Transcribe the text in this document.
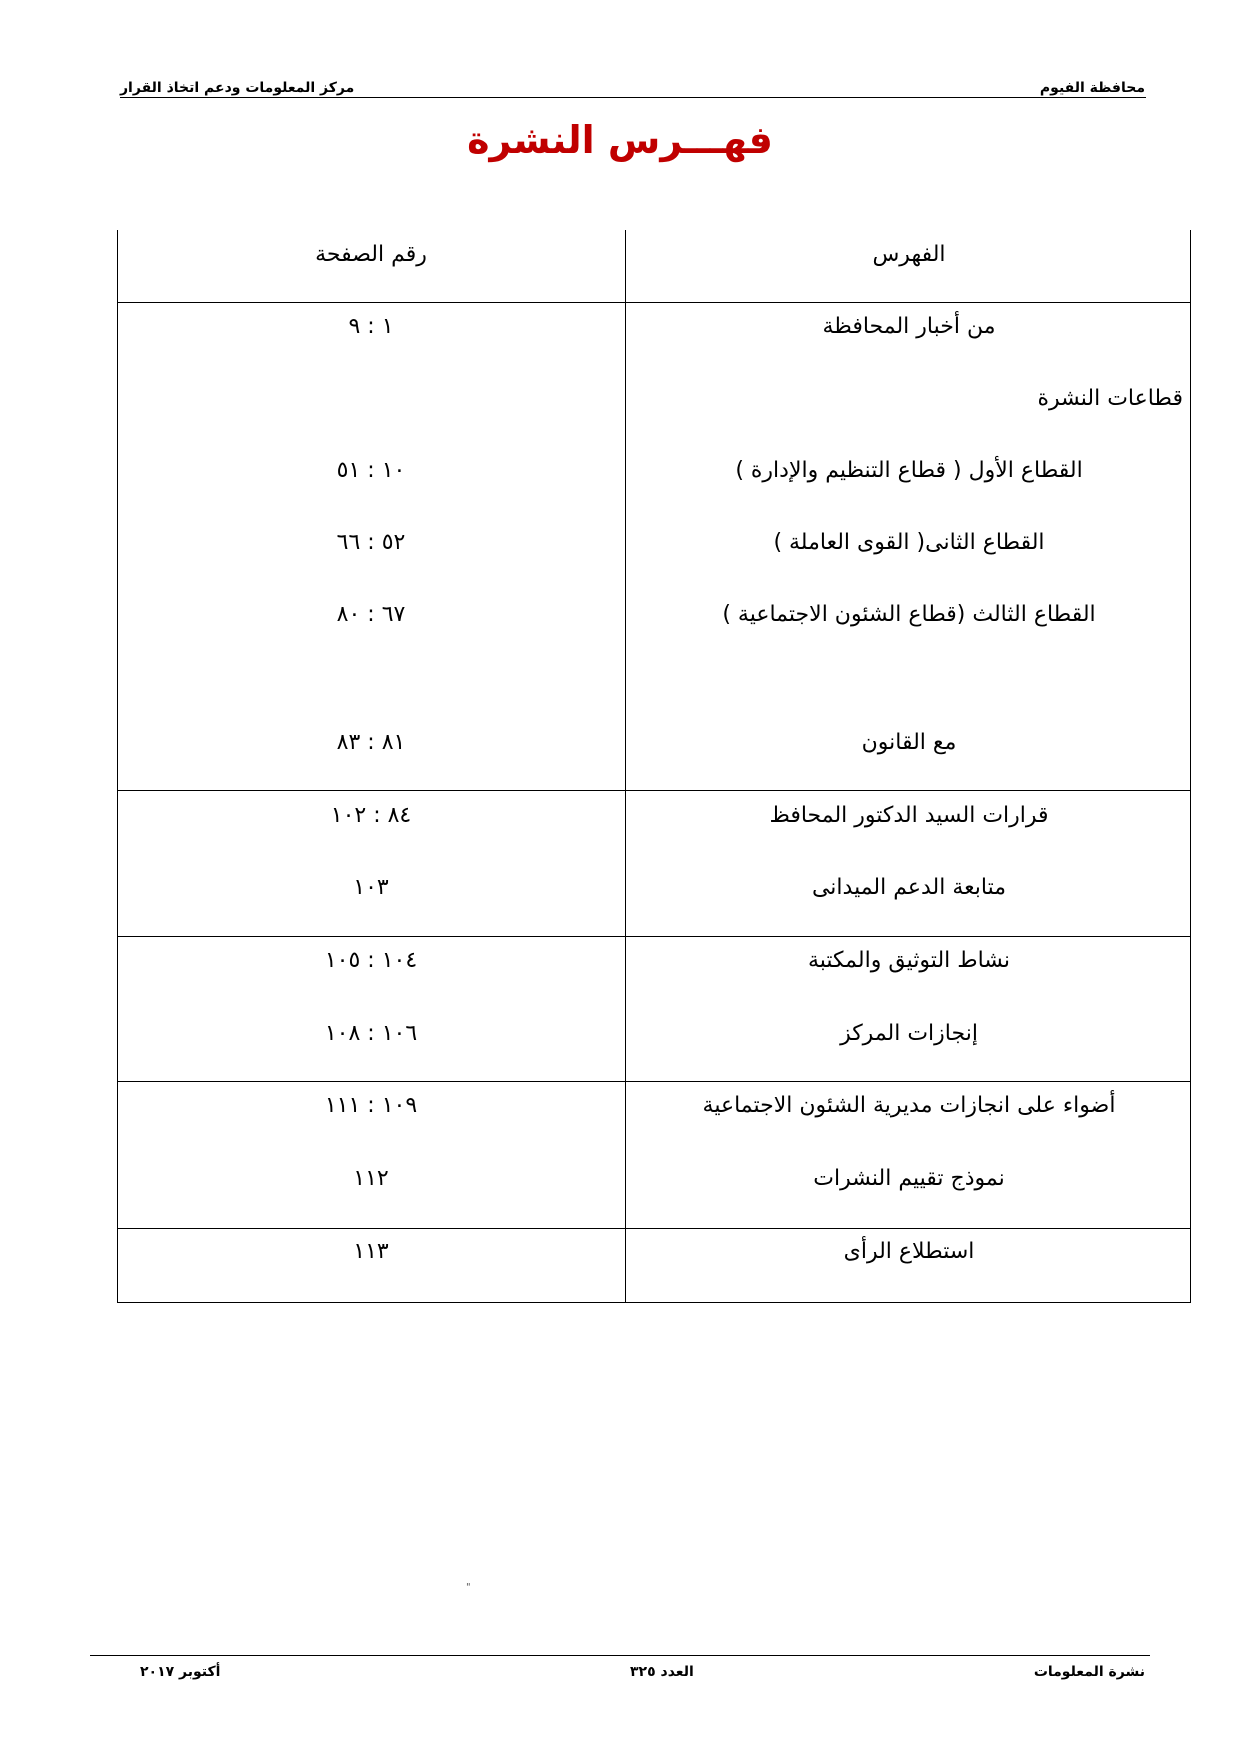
محافظة الفيوم
مركز المعلومات ودعم اتخاذ القرار
فهـــرس النشرة
الفهرس
رقم الصفحة
من أخبار المحافظة
قطاعات النشرة
القطاع الأول ( قطاع التنظيم والإدارة )
القطاع الثانى( القوى العاملة )
القطاع الثالث (قطاع الشئون الاجتماعية )
مع القانون
قرارات السيد الدكتور المحافظ
متابعة الدعم الميدانى
نشاط التوثيق والمكتبة
إنجازات المركز
أضواء على انجازات مديرية الشئون الاجتماعية
نموذج تقييم النشرات
استطلاع الرأى
١ : ٩
١٠ : ٥١
٥٢ : ٦٦
٦٧ : ٨٠
٨١ : ٨٣
٨٤ : ١٠٢
١٠٣
١٠٤ : ١٠٥
١٠٦ : ١٠٨
١٠٩ : ١١١
١١٢
١١٣
"
نشرة المعلومات
العدد ٣٢٥
أكتوبر ٢٠١٧
